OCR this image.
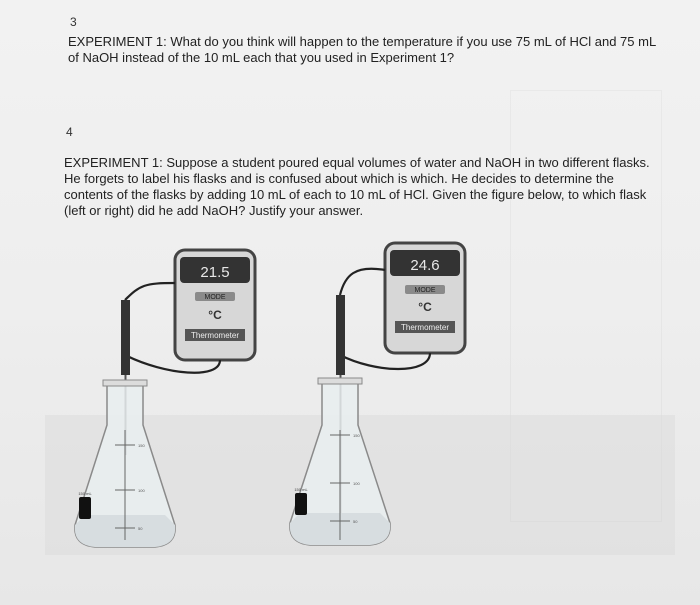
3
EXPERIMENT 1: What do you think will happen to the temperature if you use 75 mL of HCl and 75 mL of NaOH instead of the 10 mL each that you used in Experiment 1?
4
EXPERIMENT 1: Suppose a student poured equal volumes of water and NaOH in two different flasks. He forgets to label his flasks and is confused about which is which. He decides to determine the contents of the flasks by adding 10 mL of each to 10 mL of HCl. Given the figure below, to which flask (left or right) did he add NaOH? Justify your answer.
21.5
MODE
°C
Thermometer
150
100
50
150 mL
24.6
MODE
°C
Thermometer
150
100
50
150 mL
